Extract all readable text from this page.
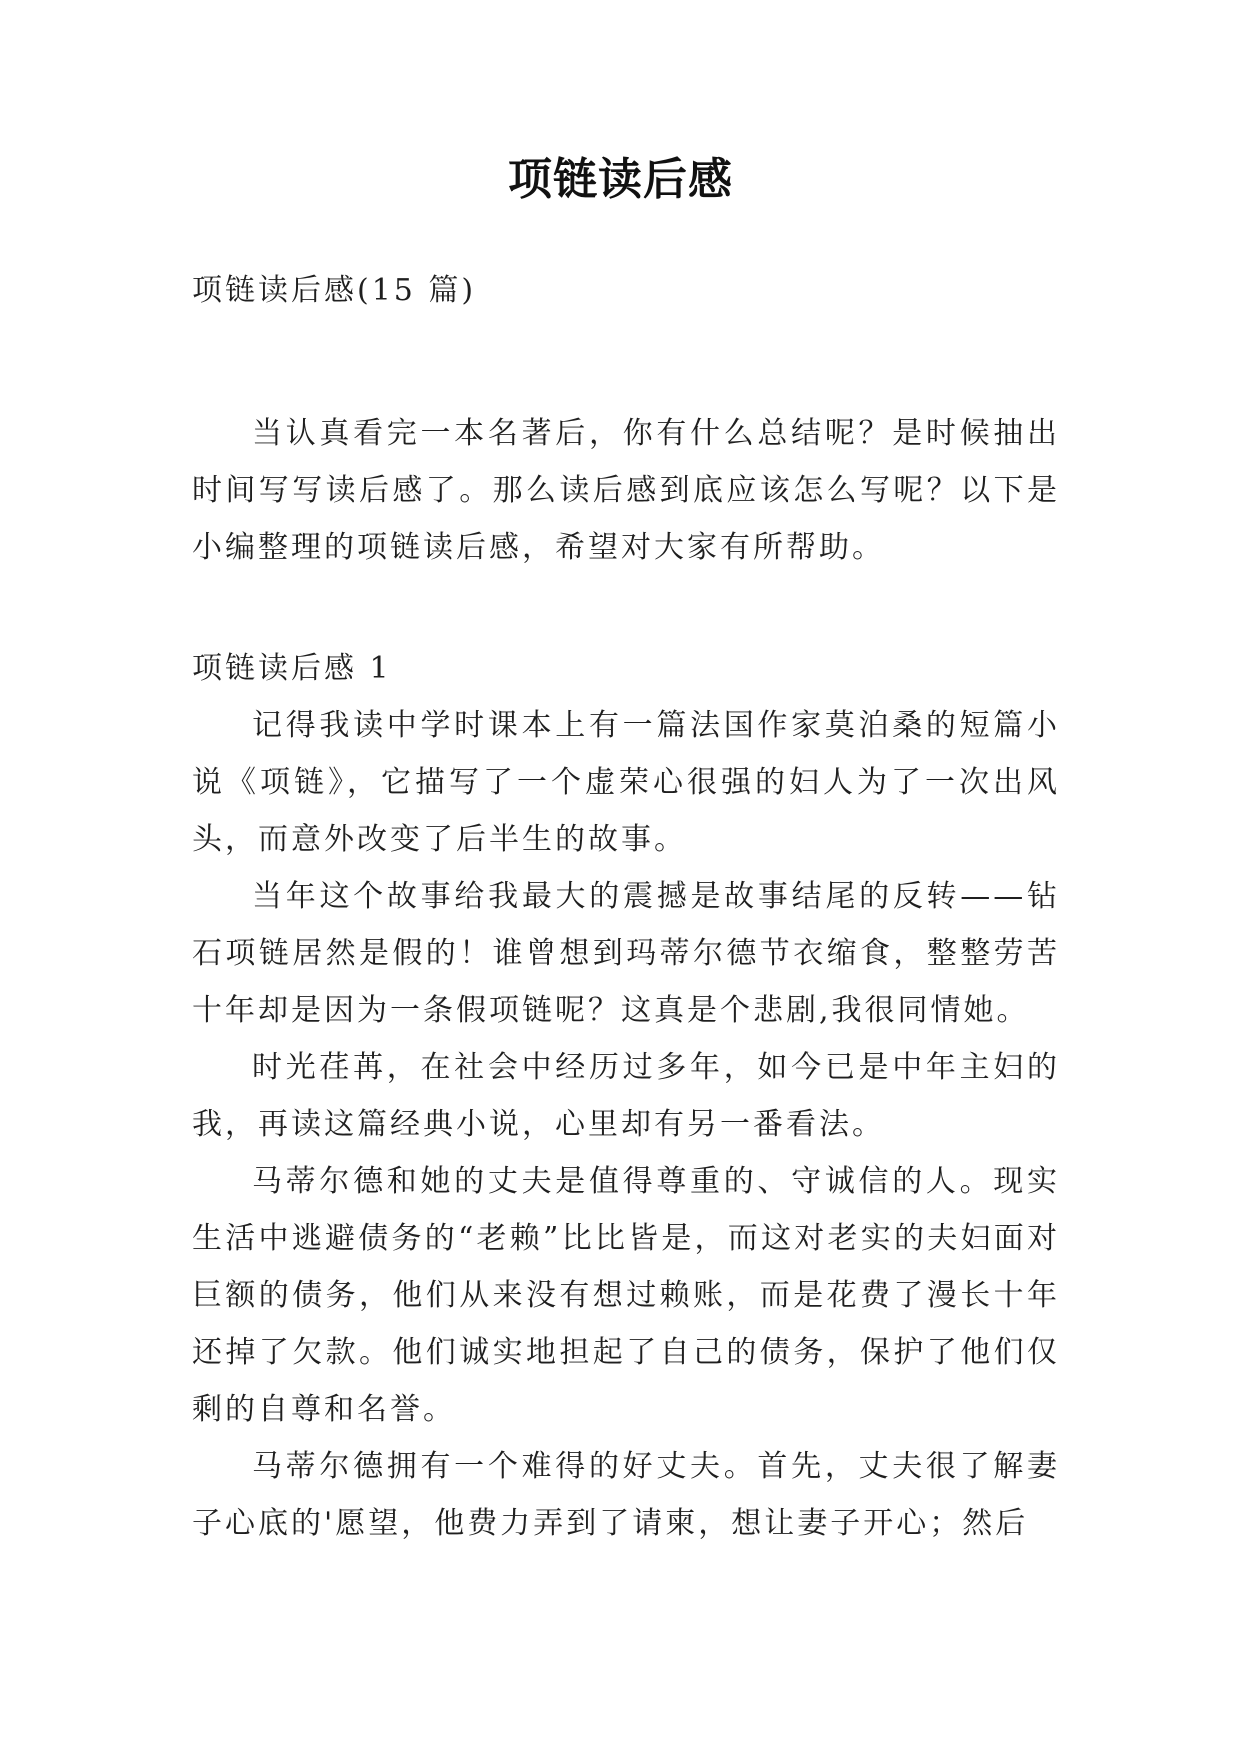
项链读后感
项链读后感(15 篇)
当认真看完一本名著后，你有什么总结呢？是时候抽出时间写写读后感了。那么读后感到底应该怎么写呢？以下是小编整理的项链读后感，希望对大家有所帮助。

项链读后感 1

记得我读中学时课本上有一篇法国作家莫泊桑的短篇小说《项链》，它描写了一个虚荣心很强的妇人为了一次出风头，而意外改变了后半生的故事。

当年这个故事给我最大的震撼是故事结尾的反转——钻石项链居然是假的！谁曾想到玛蒂尔德节衣缩食，整整劳苦十年却是因为一条假项链呢？这真是个悲剧,我很同情她。

时光荏苒，在社会中经历过多年，如今已是中年主妇的我，再读这篇经典小说，心里却有另一番看法。

马蒂尔德和她的丈夫是值得尊重的、守诚信的人。现实生活中逃避债务的“老赖”比比皆是，而这对老实的夫妇面对巨额的债务，他们从来没有想过赖账，而是花费了漫长十年还掉了欠款。他们诚实地担起了自己的债务，保护了他们仅剩的自尊和名誉。

马蒂尔德拥有一个难得的好丈夫。首先，丈夫很了解妻子心底的'愿望，他费力弄到了请柬，想让妻子开心；然后
